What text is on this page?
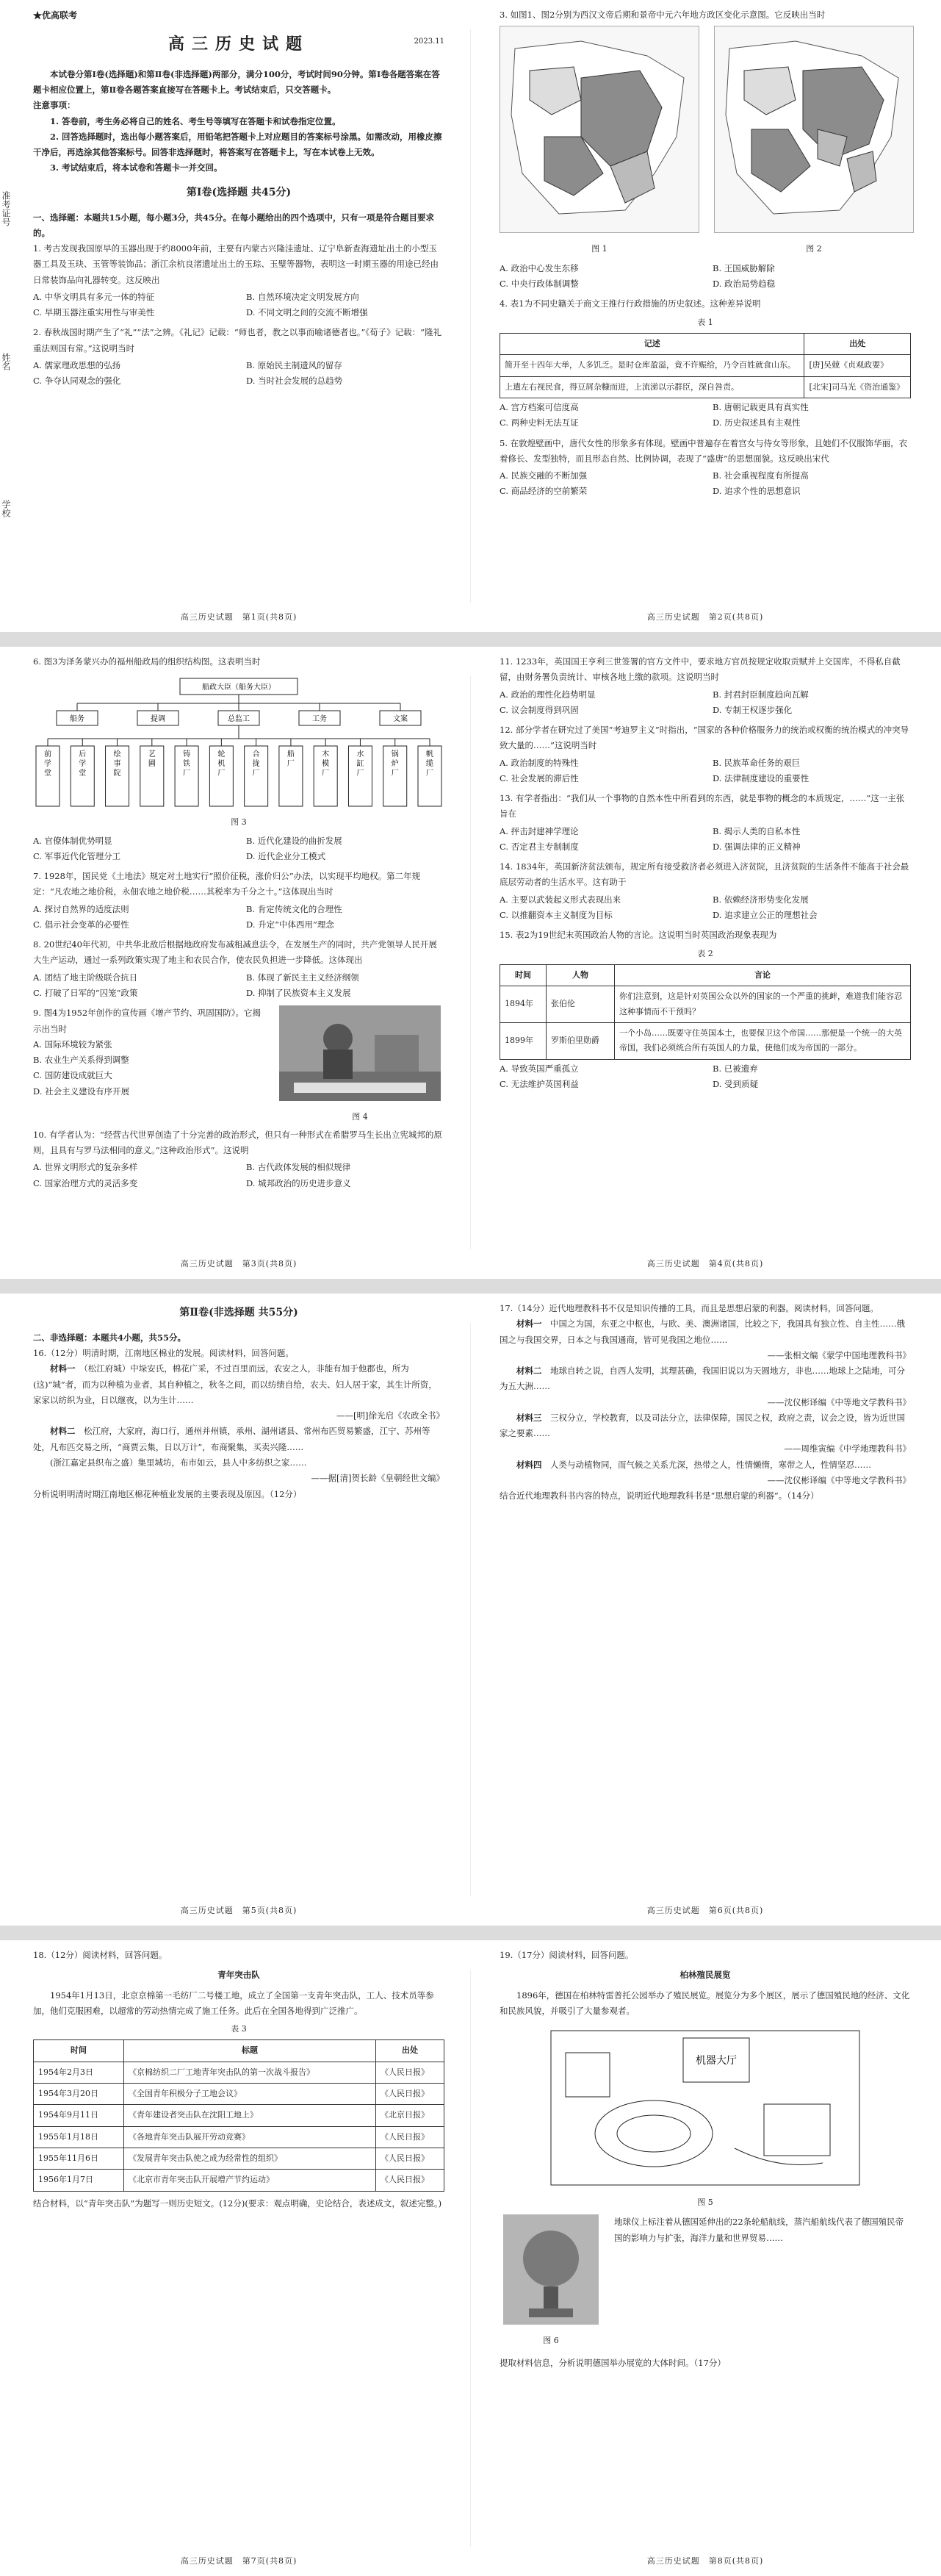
★优高联考
高三历史试题	2023.11

本试卷分第Ⅰ卷(选择题)和第Ⅱ卷(非选择题)两部分，满分100分，考试时间90分钟。第Ⅰ卷各题答案在答题卡相应位置上，第Ⅱ卷各题答案直接写在答题卡上。考试结束后，只交答题卡。

注意事项：

1. 答卷前，考生务必将自己的姓名、考生号等填写在答题卡和试卷指定位置。

2. 回答选择题时，选出每小题答案后，用铅笔把答题卡上对应题目的答案标号涂黑。如需改动，用橡皮擦干净后，再选涂其他答案标号。回答非选择题时，将答案写在答题卡上，写在本试卷上无效。

3. 考试结束后，将本试卷和答题卡一并交回。

第Ⅰ卷(选择题 共45分)

一、选择题：本题共15小题，每小题3分，共45分。在每小题给出的四个选项中，只有一项是符合题目要求的。

1. 考古发现我国原早的玉器出现于约8000年前，主要有内蒙古兴隆洼遗址、辽宁阜新查海遗址出土的小型玉器工具及玉玦、玉管等装饰品；浙江余杭良渚遗址出土的玉琮、玉璧等器物，表明这一时期玉器的用途已经由日常装饰品向礼器转变。这反映出

A. 中华文明具有多元一体的特征	B. 自然环境决定文明发展方向
C. 早期玉器注重实用性与审美性	D. 不同文明之间的交流不断增强

2. 春秋战国时期产生了“礼”“法”之辨。《礼记》记载：“师也者，教之以事而喻诸德者也。”《荀子》记载：“隆礼重法则国有常。”这说明当时

A. 儒家理政思想的弘扬	B. 原始民主制遗风的留存
C. 争夺认同观念的强化	D. 当时社会发展的总趋势
高三历史试题　第1页(共8页)
准考证号
姓名
学校

3. 如图1、图2分别为西汉文帝后期和景帝中元六年地方政区变化示意图。它反映出当时

图 1	图 2
A. 政治中心发生东移	B. 王国威胁解除
C. 中央行政体制调整	D. 政治局势趋稳

4. 表1为不同史籍关于商文王推行行政措施的历史叙述。这种差异说明

表 1
记述	出处
简开至十四年大举，人多饥乏。是时仓库盈溢，竟不许赈给，乃令百姓就食山东。	[唐]吴兢《贞观政要》
上遣左右视民食，得豆屑杂糠而进，上流涕以示群臣，深自咎责。	[北宋]司马光《资治通鉴》
A. 宫方档案可信度高	B. 唐朝记载更具有真实性
C. 两种史料无法互证	D. 历史叙述具有主观性

5. 在敦煌壁画中，唐代女性的形象多有体现。壁画中普遍存在着宫女与侍女等形象，且她们不仅服饰华丽，衣着修长、发型独特，而且形态自然、比例协调，表现了“盛唐”的思想面貌。这反映出宋代

A. 民族交融的不断加强	B. 社会重视程度有所提高
C. 商品经济的空前繁荣	D. 追求个性的思想意识
高三历史试题　第2页(共8页)

6. 图3为泽务蒙兴办的福州船政局的组织结构图。这表明当时

船政大臣（船务大臣）
船务	提调	总监工	工务	文案
前学堂
后学堂
绘事院
艺圃
铸铁厂
轮机厂
合拢厂
船厂
木模厂
水缸厂
锅炉厂
帆缆厂
图 3
A. 官僚体制优势明显	B. 近代化建设的曲折发展
C. 军事近代化管理分工	D. 近代企业分工模式

7. 1928年，国民党《土地法》规定对土地实行“照价征税，涨价归公”办法，以实现平均地权。第二年规定：“凡农地之地价税，永佃农地之地价税……其税率为千分之十。”这体现出当时

A. 探讨自然界的适度法则	B. 肯定传统文化的合理性
C. 倡示社会变革的必要性	D. 升定“中体西用”理念

8. 20世纪40年代初，中共华北敌后根据地政府发布减租减息法令，在发展生产的同时，共产党领导人民开展大生产运动，通过一系列政策实现了地主和农民合作，使农民负担进一步降低。这体现出

A. 团结了地主阶级联合抗日	B. 体现了新民主主义经济纲领
C. 打破了日军的“囚笼”政策	D. 抑制了民族资本主义发展

9. 图4为1952年创作的宣传画《增产节约、巩固国防》。它揭示出当时

A. 国际环境较为紧张
B. 农业生产关系得到调整
C. 国防建设成就巨大
D. 社会主义建设有序开展
图 4

10. 有学者认为：“经营古代世界创造了十分完善的政治形式，但只有一种形式在希腊罗马生长出立宪城邦的原则，且具有与罗马法相同的意义。”这种政治形式”。这说明

A. 世界文明形式的复杂多样	B. 古代政体发展的相似规律
C. 国家治理方式的灵活多变	D. 城邦政治的历史进步意义
高三历史试题　第3页(共8页)

11. 1233年，英国国王亨利三世签署的官方文件中，要求地方官员按规定收取贡赋并上交国库，不得私自截留，由财务署负责统计、审核各地上缴的款项。这说明当时

A. 政治的理性化趋势明显	B. 封君封臣制度趋向瓦解
C. 议会制度得到巩固	D. 专制王权逐步强化

12. 部分学者在研究过了美国“考迪罗主义”时指出，“国家的各种价格服务力的统治或权衡的统治模式的冲突导致大量的……”这说明当时

A. 政治制度的特殊性	B. 民族革命任务的艰巨
C. 社会发展的滞后性	D. 法律制度建设的重要性

13. 有学者指出：“我们从一个事物的自然本性中所看到的东西，就是事物的概念的本质规定，……”这一主张旨在

A. 抨击封建神学理论	B. 揭示人类的自私本性
C. 否定君主专制制度	D. 强调法律的正义精神

14. 1834年，英国新济贫法颁布，规定所有接受救济者必须进入济贫院，且济贫院的生活条件不能高于社会最底层劳动者的生活水平。这有助于

A. 主要以武装起义形式表现出来	B. 依赖经济形势变化发展
C. 以推翻资本主义制度为目标	D. 追求建立公正的理想社会

15. 表2为19世纪末英国政治人物的言论。这说明当时英国政治现象表现为

表 2
时间	人物	言论
1894年	张伯伦	你们注意到，这是针对英国公众以外的国家的一个严重的挑衅，难道我们能容忍这种事情而不干预吗？
1899年	罗斯伯里勋爵	一个小岛……既要守住英国本土，也要保卫这个帝国……那便是一个统一的大英帝国，我们必须统合所有英国人的力量，使他们成为帝国的一部分。
A. 导致英国严重孤立	B. 已被遗弃
C. 无法维护英国利益	D. 受到质疑
高三历史试题　第4页(共8页)
第Ⅱ卷(非选择题 共55分)

二、非选择题：本题共4小题，共55分。

16.（12分）明清时期，江南地区棉业的发展。阅读材料，回答问题。

材料一　 （松江府城）中垛安氏，棉花广采，不过百里而远，农安之人，非能有加于他郡也，所为(这)“城”者，而为以种植为业者，其自种植之，秋冬之间，而以纺绩自给，农夫、妇人居于家，其生计所资，家家以纺织为业，日以继夜，以为生计……

——[明]徐光启《农政全书》

材料二　 松江府，大家府，海口行，通州并州镇，承州、湖州诸县、常州布匹贸易繁盛，江宁、苏州等处，凡布匹交易之所，“商贾云集，日以万计”，布商聚集，买卖兴隆……

(浙江嘉定县织布之盛）集里城坊，布市如云，县人中多纺织之家……

——据[清]贺长龄《皇朝经世文编》

分析说明明清时期江南地区棉花种植业发展的主要表现及原因。（12分）

高三历史试题　第5页(共8页)

17.（14分）近代地理教科书不仅是知识传播的工具，而且是思想启蒙的利器。阅读材料，回答问题。

材料一　 中国之为国，东亚之中枢也，与欧、美、澳洲诸国，比较之下，我国具有独立性、自主性……俄国之与我国交界，日本之与我国通商，皆可见我国之地位……

——张相文编《蒙学中国地理教科书》

材料二　 地球自转之说，自西人发明，其理甚确，我国旧说以为天圆地方，非也……地球上之陆地，可分为五大洲……

——沈仪彬译编《中等地文学教科书》

材料三　 三权分立，学校教育，以及司法分立，法律保障，国民之权，政府之责，议会之设，皆为近世国家之要素……

——周维寅编《中学地理教科书》

材料四　 人类与动植物同，而气候之关系尤深，热带之人，性情懒惰，寒带之人，性情坚忍……

——沈仪彬译编《中等地文学教科书》

结合近代地理教科书内容的特点，说明近代地理教科书是“思想启蒙的利器”。（14分）

高三历史试题　第6页(共8页)

18.（12分）阅读材料，回答问题。

青年突击队

1954年1月13日，北京京棉第一毛纺厂二号楼工地，成立了全国第一支青年突击队，工人、技术员等参加，他们克服困难，以超常的劳动热情完成了施工任务。此后在全国各地得到广泛推广。

表 3
时间	标题	出处
1954年2月3日	《京棉纺织二厂工地青年突击队的第一次战斗报告》	《人民日报》
1954年3月20日	《全国青年积极分子工地会议》	《人民日报》
1954年9月11日	《青年建设者突击队在沈阳工地上》	《北京日报》
1955年1月18日	《各地青年突击队展开劳动竞赛》	《人民日报》
1955年11月6日	《发展青年突击队使之成为经常性的组织》	《人民日报》
1956年1月7日	《北京市青年突击队开展增产节约运动》	《人民日报》

结合材料，以“青年突击队”为题写一则历史短文。(12分)(要求：观点明确，史论结合，表述成文，叙述完整。)

高三历史试题　第7页(共8页)

19.（17分）阅读材料，回答问题。

柏林殖民展览

1896年，德国在柏林特雷普托公园举办了殖民展览。展览分为多个展区，展示了德国殖民地的经济、文化和民族风貌，并吸引了大量参观者。

机器大厅
图 5
图 6

地球仪上标注着从德国延伸出的22条轮船航线，蒸汽船航线代表了德国殖民帝国的影响力与扩张，海洋力量和世界贸易……

提取材料信息，分析说明德国举办展览的大体时间。（17分）

高三历史试题　第8页(共8页)
